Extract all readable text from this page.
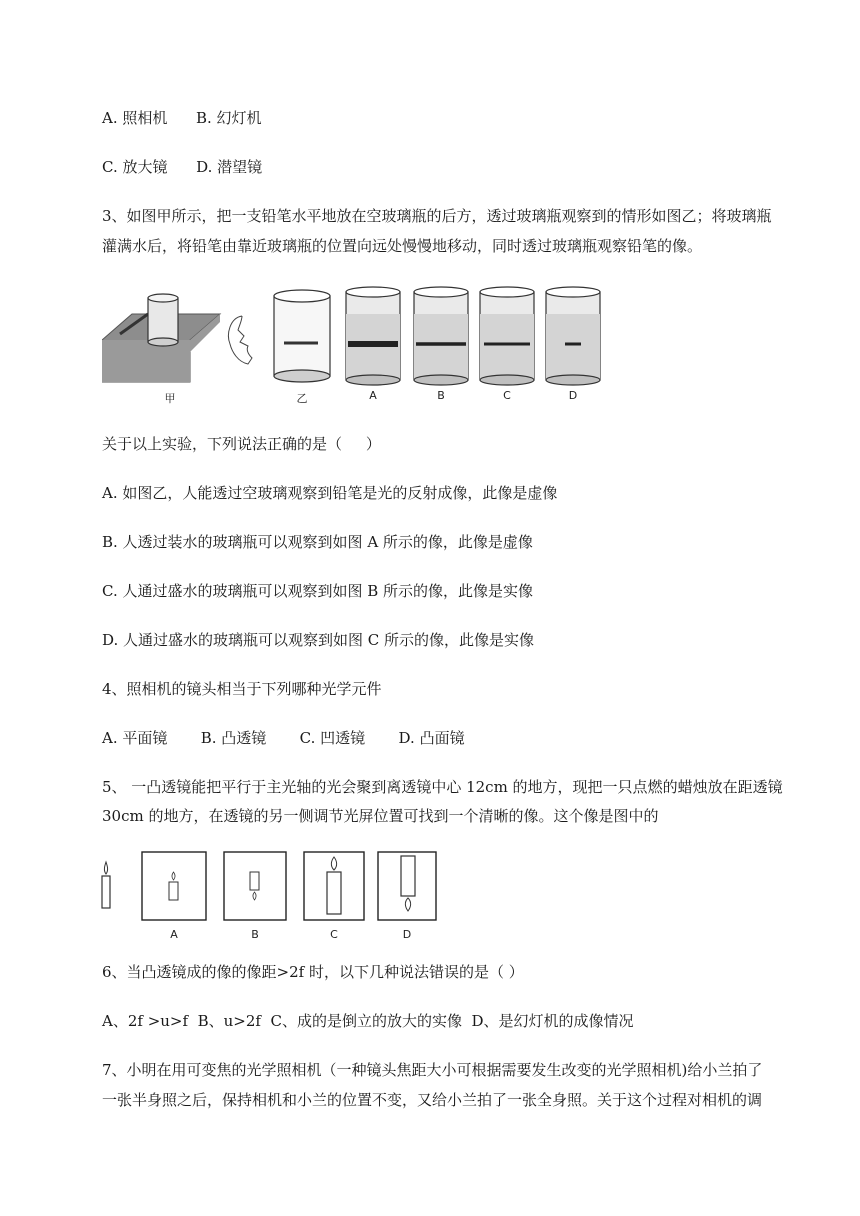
A. 照相机      B. 幻灯机

C. 放大镜      D. 潜望镜

3、如图甲所示，把一支铅笔水平地放在空玻璃瓶的后方，透过玻璃瓶观察到的情形如图乙；将玻璃瓶

灌满水后，将铅笔由靠近玻璃瓶的位置向远处慢慢地移动，同时透过玻璃瓶观察铅笔的像。

甲	乙	A	B	C	D

关于以上实验，下列说法正确的是（     ）

A. 如图乙，人能透过空玻璃观察到铅笔是光的反射成像，此像是虚像

B. 人透过装水的玻璃瓶可以观察到如图 A 所示的像，此像是虚像

C. 人通过盛水的玻璃瓶可以观察到如图 B 所示的像，此像是实像

D. 人通过盛水的玻璃瓶可以观察到如图 C 所示的像，此像是实像

4、照相机的镜头相当于下列哪种光学元件

A. 平面镜       B. 凸透镜       C. 凹透镜       D. 凸面镜

5、 一凸透镜能把平行于主光轴的光会聚到离透镜中心 12cm 的地方，现把一只点燃的蜡烛放在距透镜

30cm 的地方，在透镜的另一侧调节光屏位置可找到一个清晰的像。这个像是图中的

A	B	C	D

6、当凸透镜成的像的像距>2f 时，以下几种说法错误的是（ ）

A、2f >u>f  B、u>2f  C、成的是倒立的放大的实像  D、是幻灯机的成像情况

7、小明在用可变焦的光学照相机（一种镜头焦距大小可根据需要发生改变的光学照相机)给小兰拍了

一张半身照之后，保持相机和小兰的位置不变，又给小兰拍了一张全身照。关于这个过程对相机的调
